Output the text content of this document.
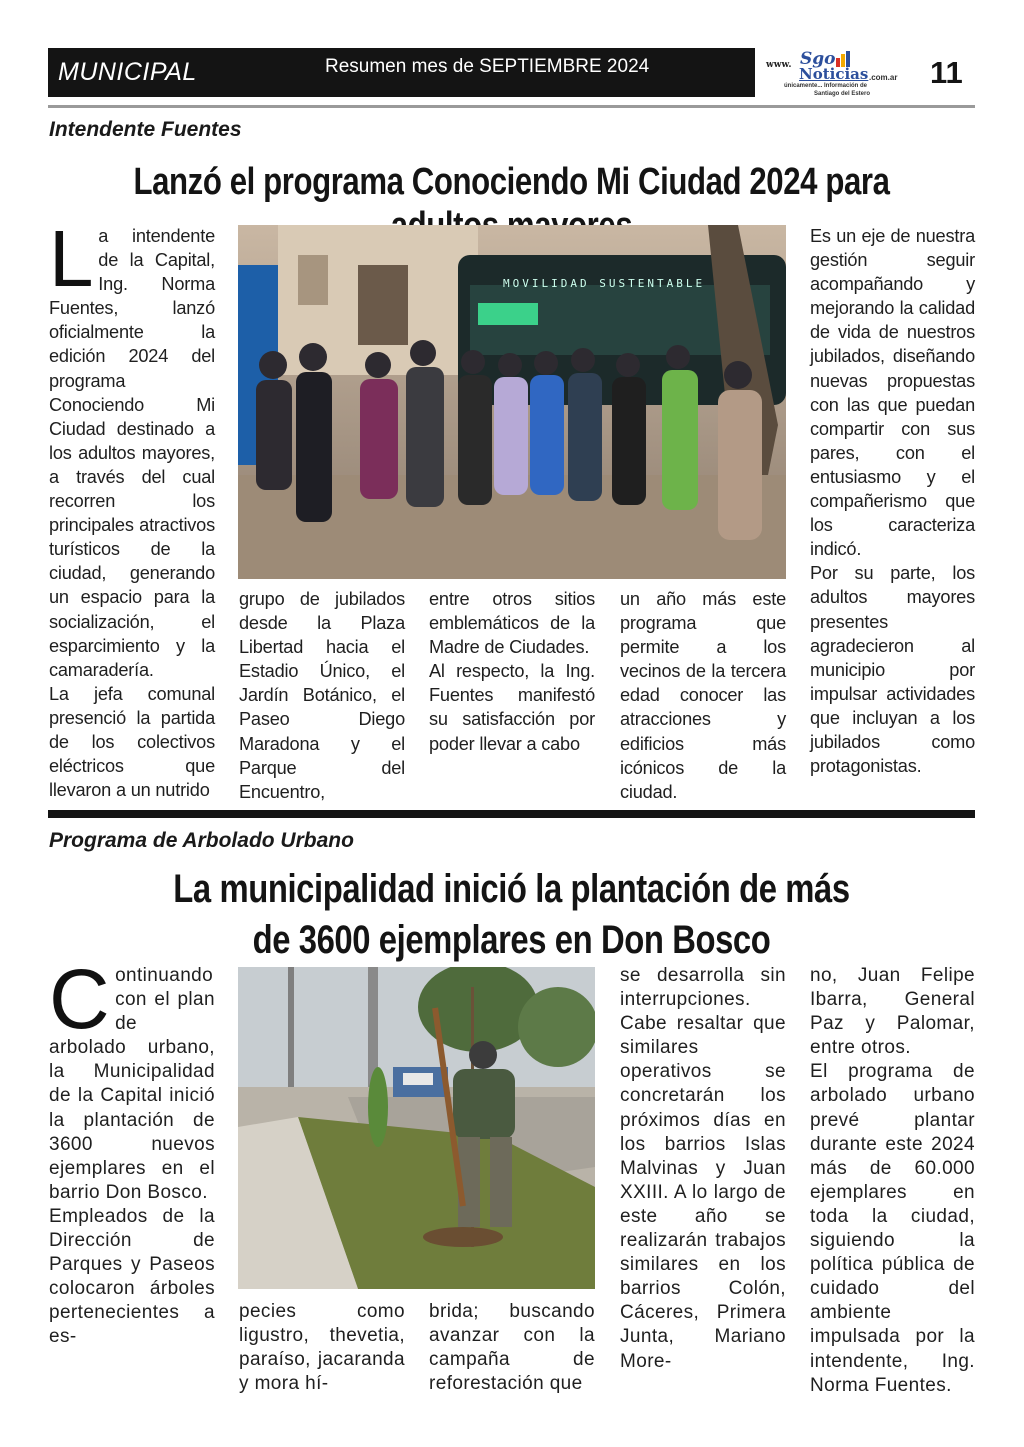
MUNICIPAL	Resumen mes de SEPTIEMBRE 2024	www. Sgo
Noticias .com.ar
únicamente... Información de
Santiago del Estero
11
Intendente Fuentes
Lanzó el programa Conociendo Mi Ciudad 2024 para

La intendente de la Capital, Ing. Norma Fuentes, lanzó oficialmente la edición 2024 del programa Conociendo Mi Ciudad destinado a los adultos mayores, a través del cual recorren los principales atractivos turísticos de la ciudad, generando un espacio para la socialización, el esparcimiento y la camaradería.

La jefa comunal presenció la partida de los colectivos eléctricos que llevaron a un nutrido

MOVILIDAD SUSTENTABLE

grupo de jubilados desde la Plaza Libertad hacia el Estadio Único, el Jardín Botánico, el Paseo Diego Maradona y el Parque del Encuentro,

entre otros sitios emblemáticos de la Madre de Ciudades.

Al respecto, la Ing. Fuentes manifestó su satisfacción por poder llevar a cabo

un año más este programa que permite a los vecinos de la tercera edad conocer las atracciones y edificios más icónicos de la ciudad.

Es un eje de nuestra gestión seguir acompañando y mejorando la calidad de vida de nuestros jubilados, diseñando nuevas propuestas con las que puedan compartir con sus pares, con el entusiasmo y el compañerismo que los caracteriza indicó.

Por su parte, los adultos mayores presentes agradecieron al municipio por impulsar actividades que incluyan a los jubilados como protagonistas.

Programa de Arbolado Urbano
La municipalidad inició la plantación de más
de 3600 ejemplares en Don Bosco

Continuando con el plan de arbolado urbano, la Municipalidad de la Capital inició la plantación de 3600 nuevos ejemplares en el barrio Don Bosco.

Empleados de la Dirección de Parques y Paseos colocaron árboles pertenecientes a es-

pecies como ligustro, thevetia, paraíso, jacaranda y mora hí-

brida; buscando avanzar con la campaña de reforestación que

se desarrolla sin interrupciones.

Cabe resaltar que similares operativos se concretarán los próximos días en los barrios Islas Malvinas y Juan XXIII. A lo largo de este año se realizarán trabajos similares en los barrios Colón, Cáceres, Primera Junta, Mariano More-

no, Juan Felipe Ibarra, General Paz y Palomar, entre otros.

El programa de arbolado urbano prevé plantar durante este 2024 más de 60.000 ejemplares en toda la ciudad, siguiendo la política pública de cuidado del ambiente impulsada por la intendente, Ing. Norma Fuentes.
